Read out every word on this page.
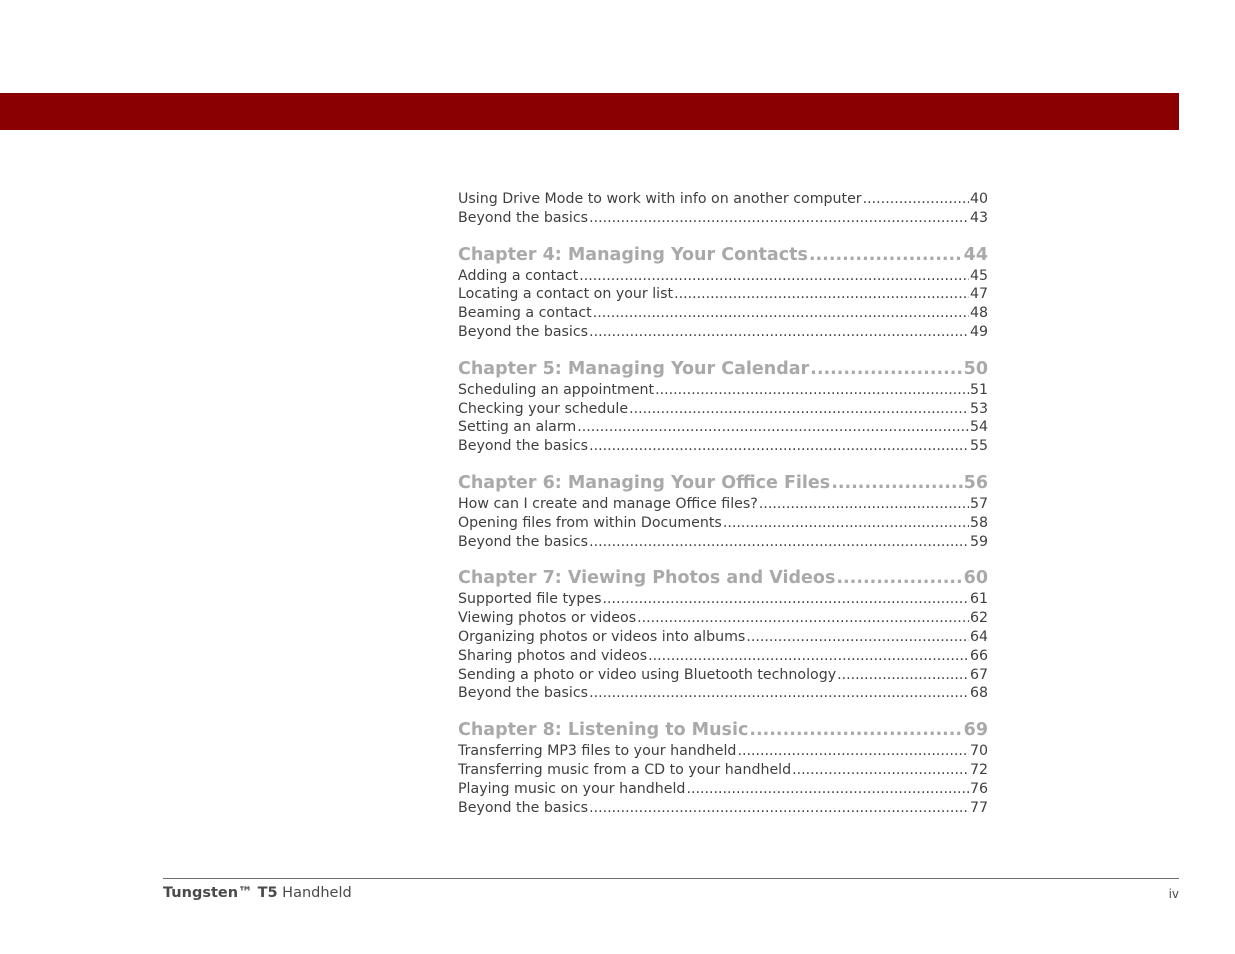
Using Drive Mode to work with info on another computer .....	40
Beyond the basics .....	43
Chapter 4: Managing Your Contacts .....	44
Adding a contact .....	45
Locating a contact on your list .....	47
Beaming a contact .....	48
Beyond the basics .....	49
Chapter 5: Managing Your Calendar .....	50
Scheduling an appointment .....	51
Checking your schedule .....	53
Setting an alarm .....	54
Beyond the basics .....	55
Chapter 6: Managing Your Office Files .....	56
How can I create and manage Office files? .....	57
Opening files from within Documents .....	58
Beyond the basics .....	59
Chapter 7: Viewing Photos and Videos .....	60
Supported file types .....	61
Viewing photos or videos .....	62
Organizing photos or videos into albums .....	64
Sharing photos and videos .....	66
Sending a photo or video using Bluetooth technology .....	67
Beyond the basics .....	68
Chapter 8: Listening to Music .....	69
Transferring MP3 files to your handheld .....	70
Transferring music from a CD to your handheld .....	72
Playing music on your handheld .....	76
Beyond the basics .....	77
Tungsten™ T5 Handheld	iv
